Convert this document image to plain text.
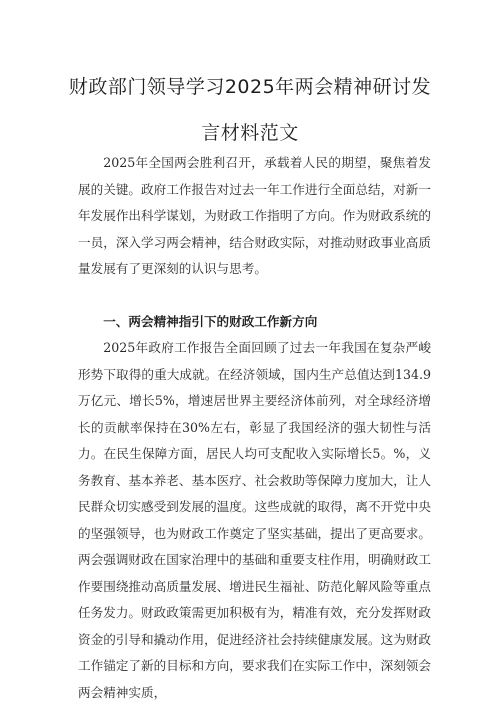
财政部门领导学习2025年两会精神研讨发
言材料范文

2025年全国两会胜利召开，承载着人民的期望，聚焦着发展的关键。政府工作报告对过去一年工作进行全面总结，对新一年发展作出科学谋划，为财政工作指明了方向。作为财政系统的一员，深入学习两会精神，结合财政实际，对推动财政事业高质量发展有了更深刻的认识与思考。

一、两会精神指引下的财政工作新方向

2025年政府工作报告全面回顾了过去一年我国在复杂严峻形势下取得的重大成就。在经济领域，国内生产总值达到134.9万亿元、增长5%，增速居世界主要经济体前列，对全球经济增长的贡献率保持在30%左右，彰显了我国经济的强大韧性与活力。在民生保障方面，居民人均可支配收入实际增长5。%，义务教育、基本养老、基本医疗、社会救助等保障力度加大，让人民群众切实感受到发展的温度。这些成就的取得，离不开党中央的坚强领导，也为财政工作奠定了坚实基础，提出了更高要求。两会强调财政在国家治理中的基础和重要支柱作用，明确财政工作要围绕推动高质量发展、增进民生福祉、防范化解风险等重点任务发力。财政政策需更加积极有为，精准有效，充分发挥财政资金的引导和撬动作用，促进经济社会持续健康发展。这为财政工作锚定了新的目标和方向，要求我们在实际工作中，深刻领会两会精神实质，
